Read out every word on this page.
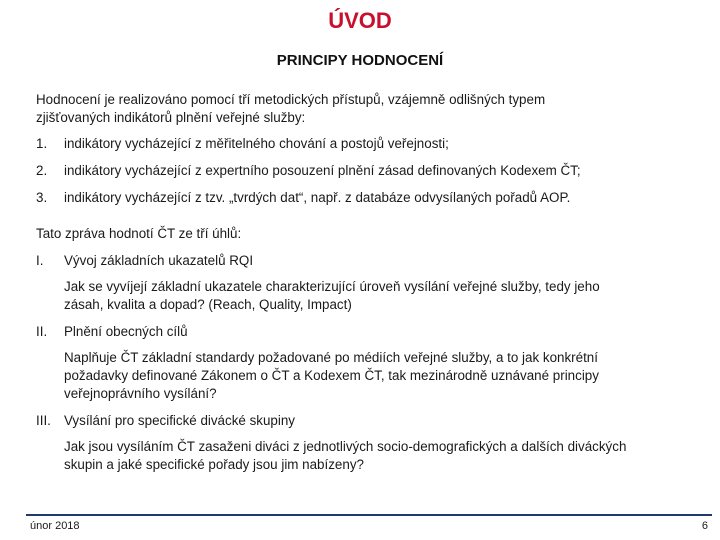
ÚVOD
PRINCIPY HODNOCENÍ

Hodnocení je realizováno pomocí tří metodických přístupů, vzájemně odlišných typem
zjišťovaných indikátorů plnění veřejné služby:

1.	indikátory vycházející z měřitelného chování a postojů veřejnosti;
2.	indikátory vycházející z expertního posouzení plnění zásad definovaných Kodexem ČT;
3.	indikátory vycházející z tzv. „tvrdých dat“, např. z databáze odvysílaných pořadů AOP.

Tato zpráva hodnotí ČT ze tří úhlů:

I.	Vývoj základních ukazatelů RQI

Jak se vyvíjejí základní ukazatele charakterizující úroveň vysílání veřejné služby, tedy jeho
zásah, kvalita a dopad? (Reach, Quality, Impact)

II.	Plnění obecných cílů

Naplňuje ČT základní standardy požadované po médiích veřejné služby, a to jak konkrétní
požadavky definované Zákonem o ČT a Kodexem ČT, tak mezinárodně uznávané principy
veřejnoprávního vysílání?

III. Vysílání pro specifické divácké skupiny

Jak jsou vysíláním ČT zasaženi diváci z jednotlivých socio-demografických a dalších diváckých
skupin a jaké specifické pořady jsou jim nabízeny?

únor 2018	6
